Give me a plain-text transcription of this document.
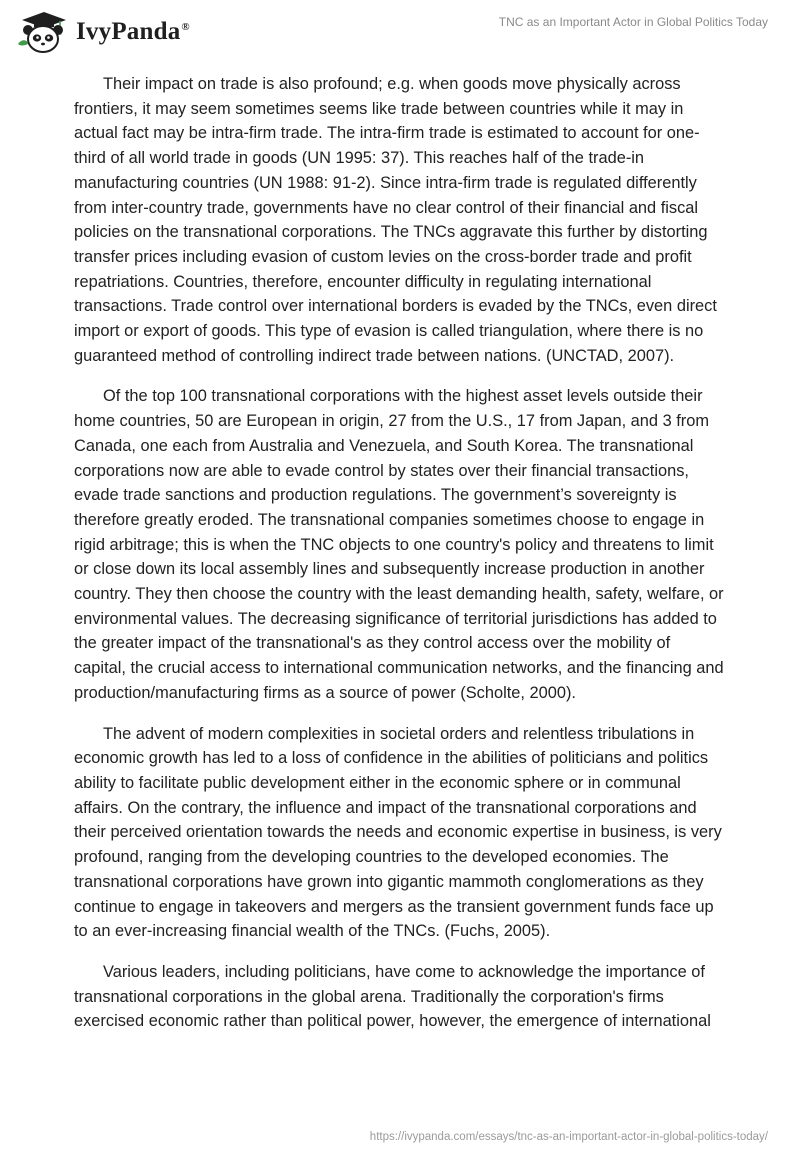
IvyPanda®	TNC as an Important Actor in Global Politics Today

Their impact on trade is also profound; e.g. when goods move physically across frontiers, it may seem sometimes seems like trade between countries while it may in actual fact may be intra-firm trade. The intra-firm trade is estimated to account for one-third of all world trade in goods (UN 1995: 37). This reaches half of the trade-in manufacturing countries (UN 1988: 91-2). Since intra-firm trade is regulated differently from inter-country trade, governments have no clear control of their financial and fiscal policies on the transnational corporations. The TNCs aggravate this further by distorting transfer prices including evasion of custom levies on the cross-border trade and profit repatriations. Countries, therefore, encounter difficulty in regulating international transactions. Trade control over international borders is evaded by the TNCs, even direct import or export of goods. This type of evasion is called triangulation, where there is no guaranteed method of controlling indirect trade between nations. (UNCTAD, 2007).

Of the top 100 transnational corporations with the highest asset levels outside their home countries, 50 are European in origin, 27 from the U.S., 17 from Japan, and 3 from Canada, one each from Australia and Venezuela, and South Korea. The transnational corporations now are able to evade control by states over their financial transactions, evade trade sanctions and production regulations. The government’s sovereignty is therefore greatly eroded. The transnational companies sometimes choose to engage in rigid arbitrage; this is when the TNC objects to one country's policy and threatens to limit or close down its local assembly lines and subsequently increase production in another country. They then choose the country with the least demanding health, safety, welfare, or environmental values. The decreasing significance of territorial jurisdictions has added to the greater impact of the transnational's as they control access over the mobility of capital, the crucial access to international communication networks, and the financing and production/manufacturing firms as a source of power (Scholte, 2000).

The advent of modern complexities in societal orders and relentless tribulations in economic growth has led to a loss of confidence in the abilities of politicians and politics ability to facilitate public development either in the economic sphere or in communal affairs. On the contrary, the influence and impact of the transnational corporations and their perceived orientation towards the needs and economic expertise in business, is very profound, ranging from the developing countries to the developed economies. The transnational corporations have grown into gigantic mammoth conglomerations as they continue to engage in takeovers and mergers as the transient government funds face up to an ever-increasing financial wealth of the TNCs. (Fuchs, 2005).

Various leaders, including politicians, have come to acknowledge the importance of transnational corporations in the global arena. Traditionally the corporation's firms exercised economic rather than political power, however, the emergence of international

https://ivypanda.com/essays/tnc-as-an-important-actor-in-global-politics-today/
